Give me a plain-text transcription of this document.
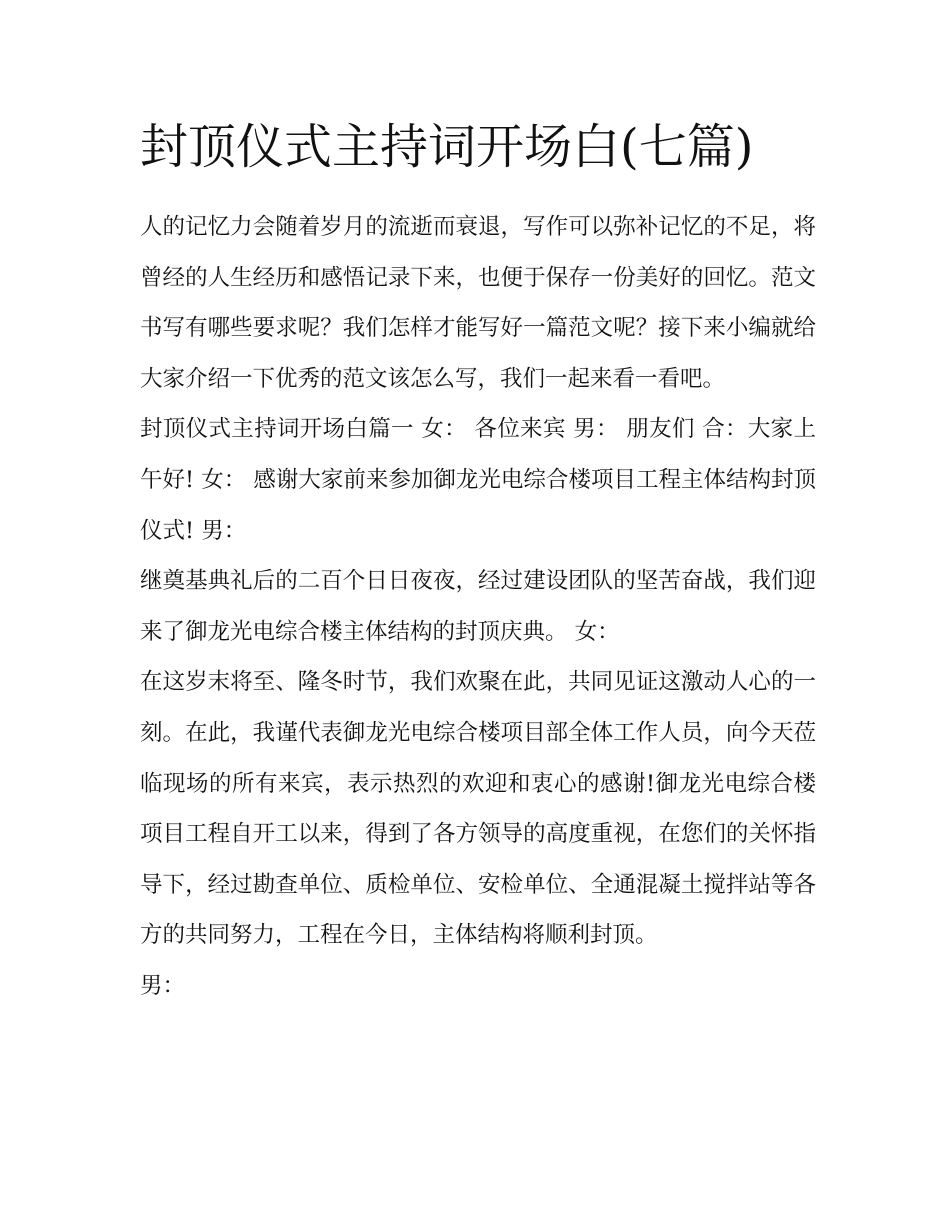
封顶仪式主持词开场白(七篇)

人的记忆力会随着岁月的流逝而衰退，写作可以弥补记忆的不足，将曾经的人生经历和感悟记录下来，也便于保存一份美好的回忆。范文书写有哪些要求呢？我们怎样才能写好一篇范文呢？接下来小编就给大家介绍一下优秀的范文该怎么写，我们一起来看一看吧。

封顶仪式主持词开场白篇一 女： 各位来宾 男： 朋友们 合：大家上午好! 女： 感谢大家前来参加御龙光电综合楼项目工程主体结构封顶仪式! 男：

继奠基典礼后的二百个日日夜夜，经过建设团队的坚苦奋战，我们迎来了御龙光电综合楼主体结构的封顶庆典。 女：

在这岁末将至、隆冬时节，我们欢聚在此，共同见证这激动人心的一刻。在此，我谨代表御龙光电综合楼项目部全体工作人员，向今天莅临现场的所有来宾，表示热烈的欢迎和衷心的感谢!御龙光电综合楼项目工程自开工以来，得到了各方领导的高度重视，在您们的关怀指导下，经过勘查单位、质检单位、安检单位、全通混凝土搅拌站等各方的共同努力，工程在今日，主体结构将顺利封顶。

男：
